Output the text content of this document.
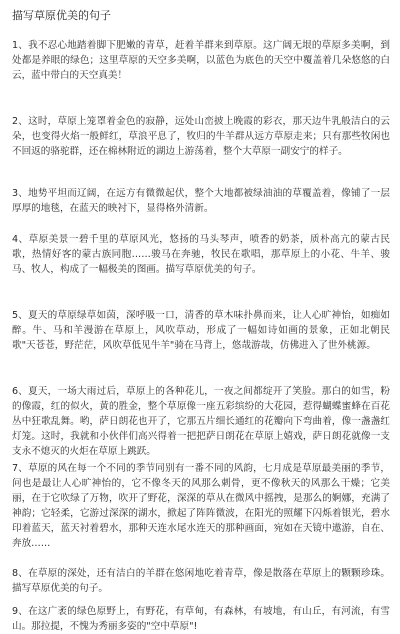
描写草原优美的句子

1、我不忍心地踏着脚下肥嫩的青草，赶着羊群来到草原。这广阔无垠的草原多美啊，到处都是养眼的绿色；这里草原的天空多美啊，以蓝色为底色的天空中覆盖着几朵悠悠的白云，蓝中带白的天空真美！

2、这时，草原上笼罩着金色的寂静，远处山峦披上晚霞的彩衣，那天边牛乳般洁白的云朵，也变得火焰一般鲜红，草浪平息了，牧归的牛羊群从远方草原走来；只有那些牧闲也不回返的骆驼群，还在棉林附近的湖边上游荡着，整个大草原一副安宁的样子。

3、地势平坦而辽阔，在远方有微微起伏，整个大地都被绿油油的草覆盖着，像铺了一层厚厚的地毯，在蓝天的映衬下，显得格外清新。

4、草原美景一碧千里的草原风光，悠扬的马头琴声，喷香的奶茶，质朴高亢的蒙古民歌，热情好客的蒙古族同胞……骏马在奔驰，牧民在歌唱，那草原上的小花、牛羊、骏马、牧人，构成了一幅极美的图画。描写草原优美的句子。

5、夏天的草原绿草如茵，深呼吸一口，清香的草木味扑鼻而来，让人心旷神怡，如痴如醉。牛、马和羊漫游在草原上，风吹草动，形成了一幅如诗如画的景象，正如北朝民歌"天苍苍，野茫茫，风吹草低见牛羊"骑在马背上，悠哉游哉，仿佛进入了世外桃源。

6、夏天，一场大雨过后，草原上的各种花儿，一夜之间都绽开了笑脸。那白的如雪，粉的像霞，红的似火，黄的胜金，整个草原像一座五彩缤纷的大花园，惹得蝴蝶蜜蜂在百花丛中狂歌乱舞。哟，萨日朗花也开了，它那五片细长通红的花瓣向下弯曲着，像一盏盏红灯笼。这时，我就和小伙伴们高兴得着一把把萨日朗花在草原上嬉戏，萨日朗花就像一支支永不熄灭的火炬在草原上跳跃。

7、草原的风在每一个不同的季节同别有一番不同的风韵，七月成是草原最美丽的季节，问也是最让人心旷神怡的，它不像冬天的风那么刺骨，更不像秋天的风那么干燥；它美丽，在于它吹绿了万物，吹开了野花，深深的草从在微风中摇拽，是那么的婀娜，充满了神韵；它轻柔，它游过深深的湖水，掀起了阵阵微波，在阳光的照耀下闪烁着银光，碧水印着蓝天，蓝天衬着碧水，那种天连水尾水连天的那种画面，宛如在天镜中遨游，自在、奔放……

8、在草原的深处，还有洁白的羊群在悠闲地吃着青草，像是散落在草原上的颗颗珍珠。描写草原优美的句子。

9、在这广袤的绿色原野上，有野花，有草甸，有森林，有坡地，有山丘，有河流，有雪山。那拉提，不愧为秀丽多姿的"空中草原"!
